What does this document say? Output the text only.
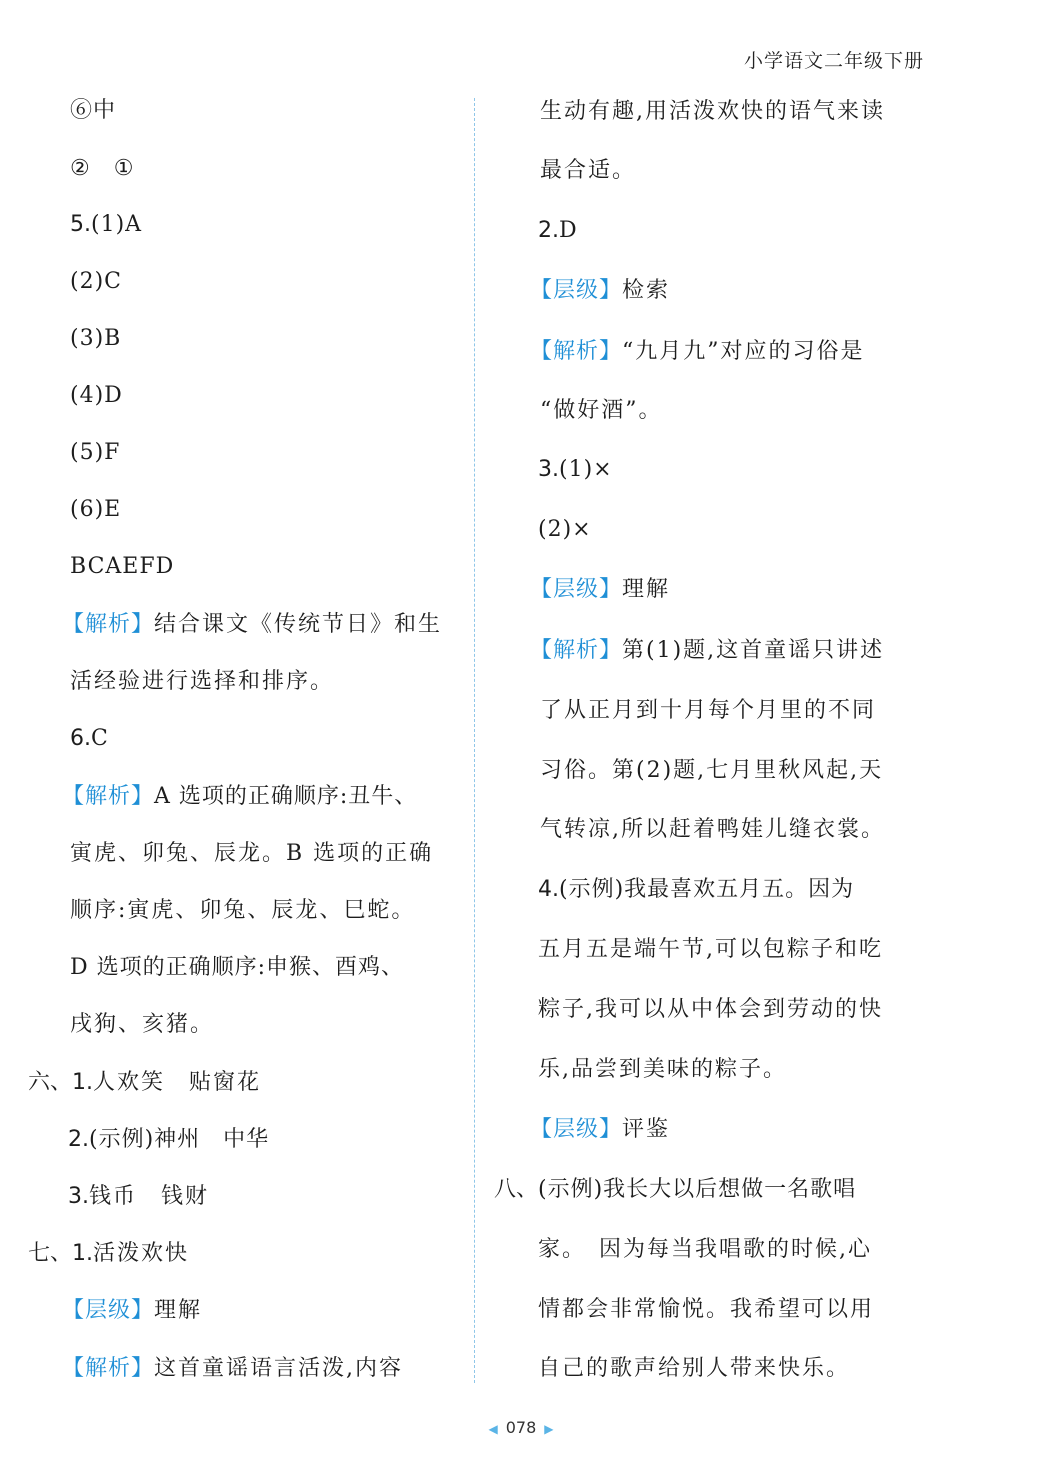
小学语文二年级下册
⑥中
②　①
5.(1)A
(2)C
(3)B
(4)D
(5)F
(6)E
BCAEFD
【解析】结合课文《传统节日》和生
活经验进行选择和排序。
6.C
【解析】A 选项的正确顺序:丑牛、
寅虎、卯兔、辰龙。B 选项的正确
顺序:寅虎、卯兔、辰龙、巳蛇。
D 选项的正确顺序:申猴、酉鸡、
戌狗、亥猪。
六、1.人欢笑　贴窗花
2.(示例)神州　中华
3.钱币　钱财
七、1.活泼欢快
【层级】理解
【解析】这首童谣语言活泼,内容
生动有趣,用活泼欢快的语气来读
最合适。
2.D
【层级】检索
【解析】“九月九”对应的习俗是
“做好酒”。
3.(1)×
(2)×
【层级】理解
【解析】第(1)题,这首童谣只讲述
了从正月到十月每个月里的不同
习俗。第(2)题,七月里秋风起,天
气转凉,所以赶着鸭娃儿缝衣裳。
4.(示例)我最喜欢五月五。因为
五月五是端午节,可以包粽子和吃
粽子,我可以从中体会到劳动的快
乐,品尝到美味的粽子。
【层级】评鉴
八、(示例)我长大以后想做一名歌唱
家。　因为每当我唱歌的时候,心
情都会非常愉悦。我希望可以用
自己的歌声给别人带来快乐。
◀ 078 ▶
